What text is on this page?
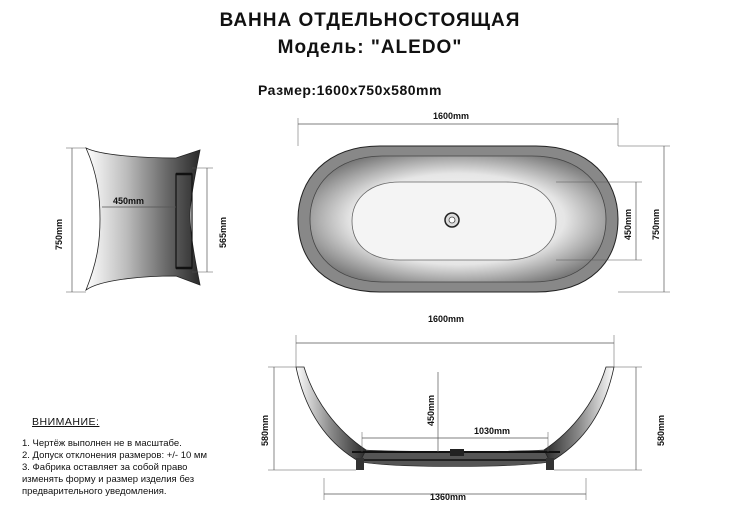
ВАННА ОТДЕЛЬНОСТОЯЩАЯ
Модель: "ALEDO"
Размер:1600x750x580mm
750mm
450mm
565mm
1600mm
450mm 750mm
1600mm
580mm
450mm
1030mm	580mm
1360mm
ВНИМАНИЕ:

1. Чертёж выполнен не в масштабе.

2. Допуск отклонения размеров: +/- 10 мм

3. Фабрика оставляет за собой право

изменять форму и размер изделия без

предварительного уведомления.
